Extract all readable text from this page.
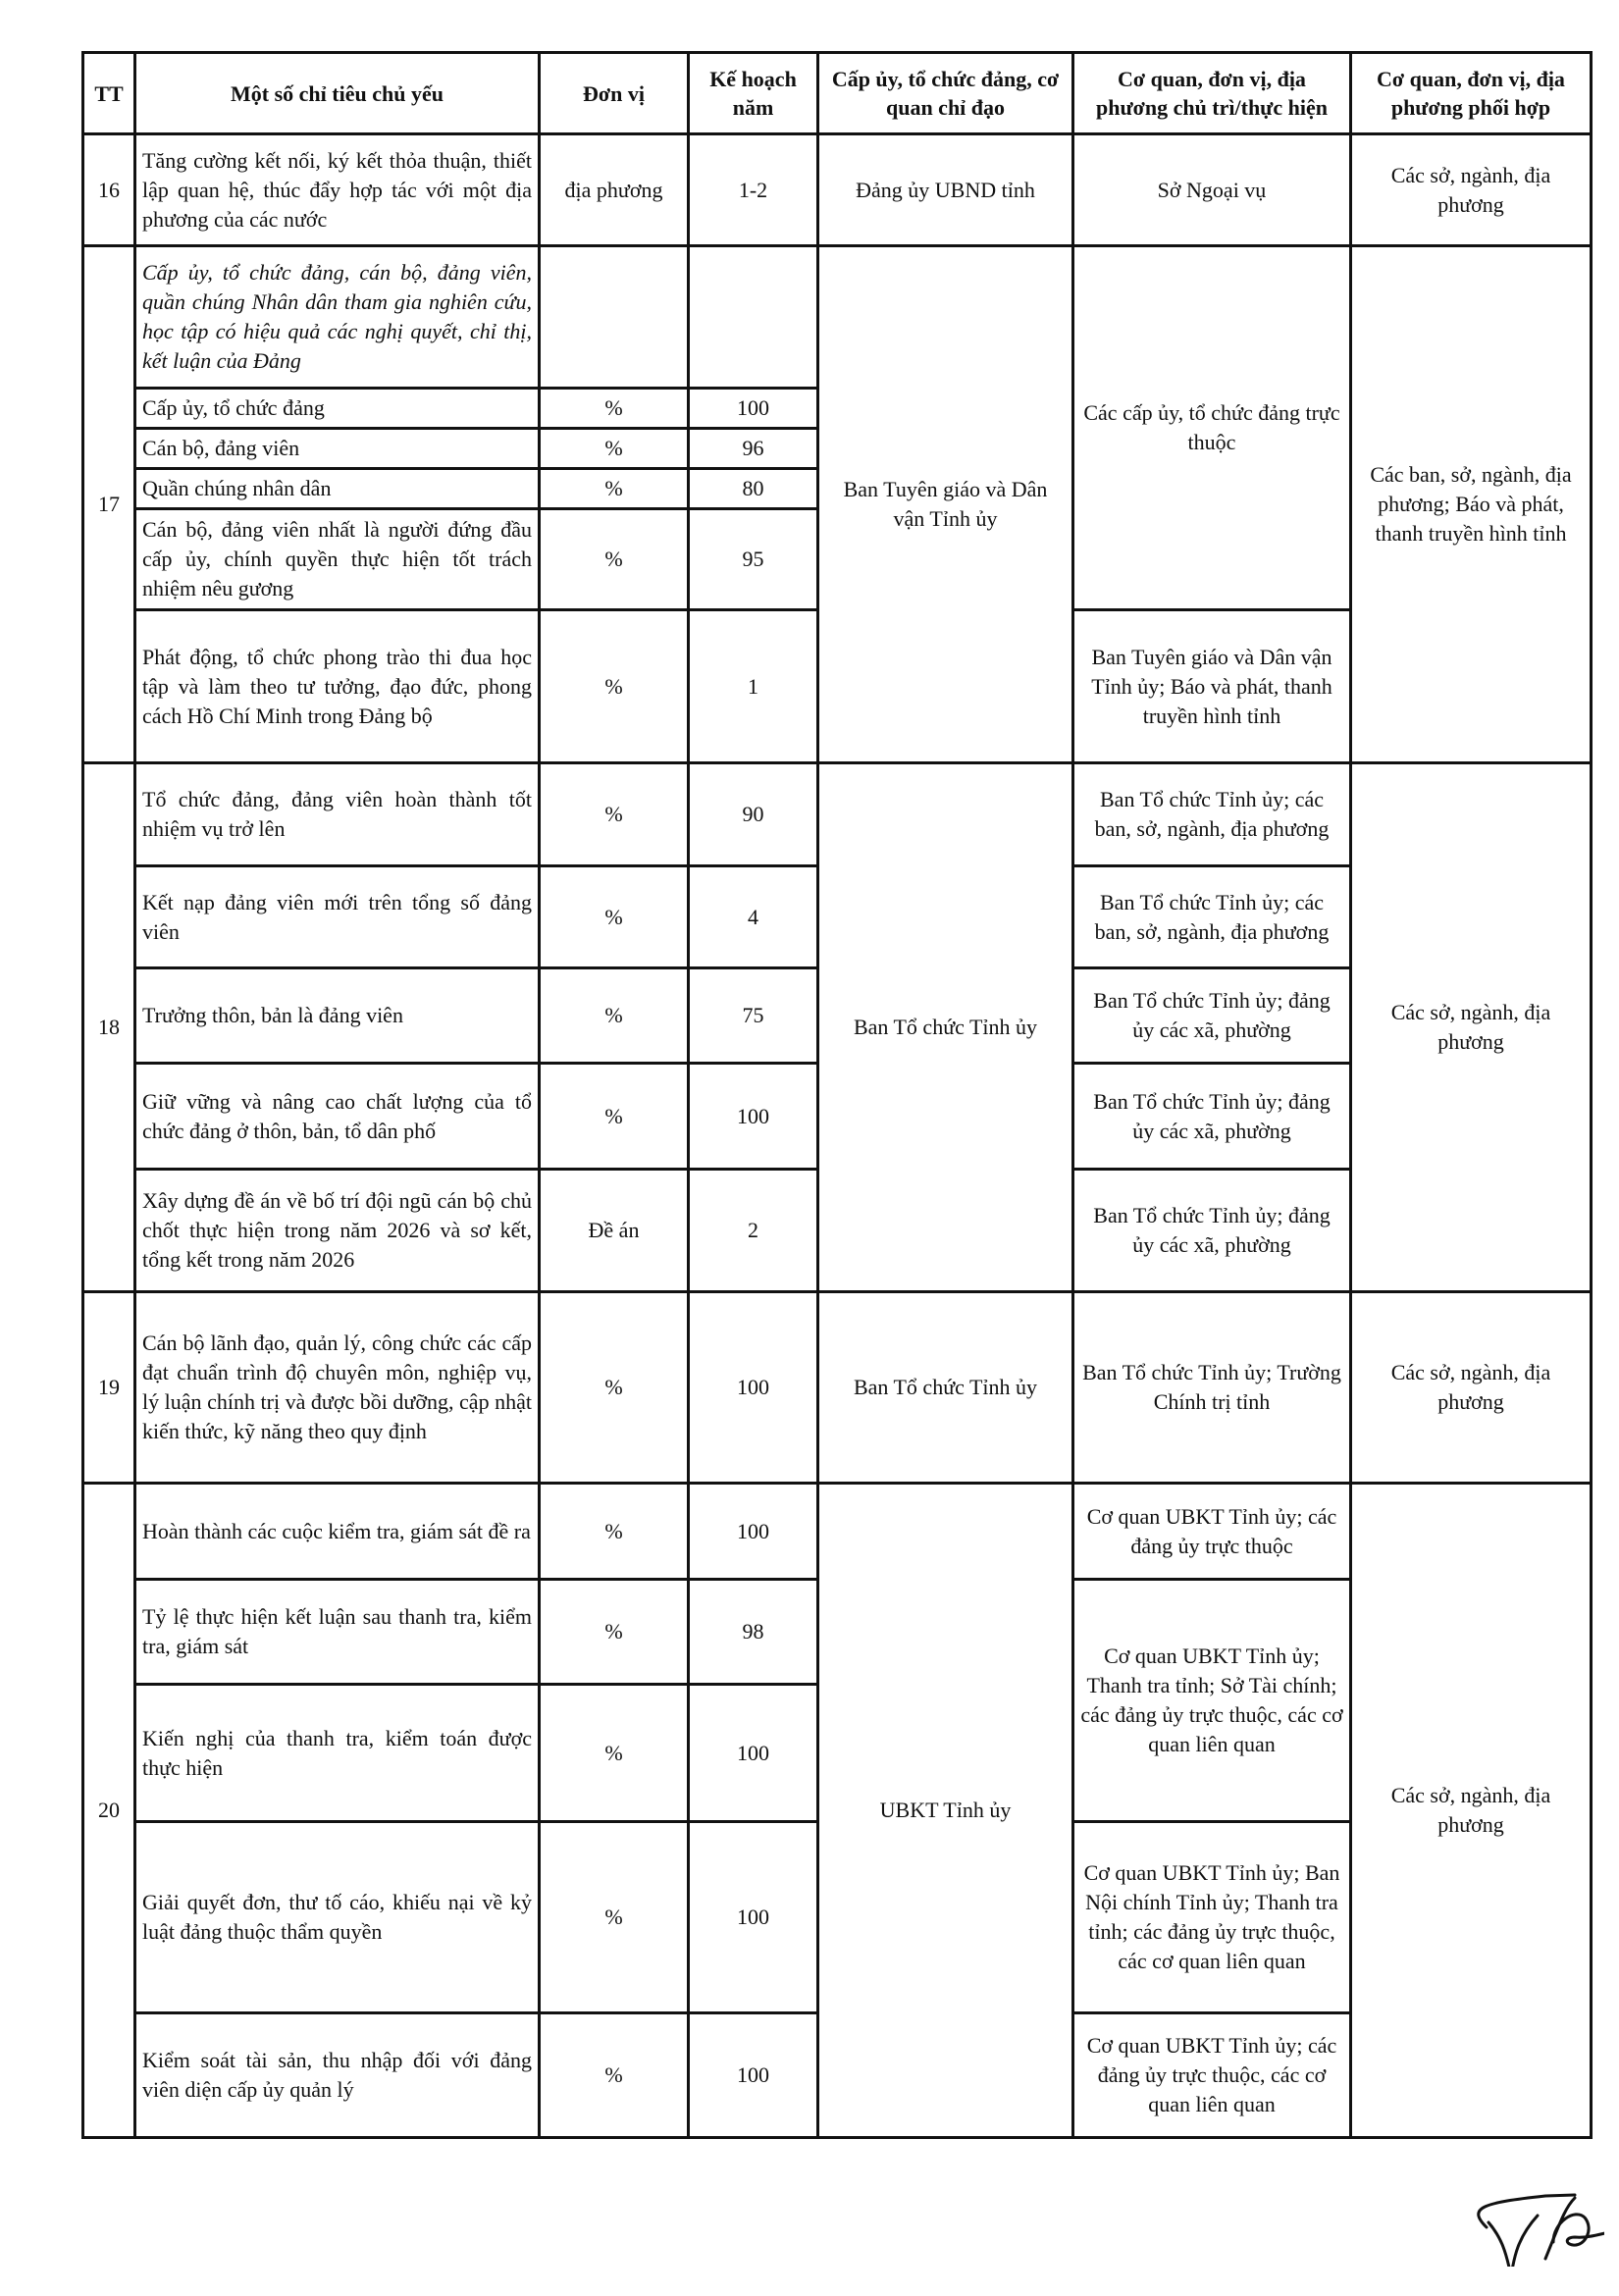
TT	Một số chỉ tiêu chủ yếu	Đơn vị	Kế hoạch năm	Cấp ủy, tổ chức đảng, cơ quan chỉ đạo	Cơ quan, đơn vị, địa phương chủ trì/thực hiện	Cơ quan, đơn vị, địa phương phối hợp
16	Tăng cường kết nối, ký kết thỏa thuận, thiết lập quan hệ, thúc đẩy hợp tác với một địa phương của các nước	địa phương	1-2	Đảng ủy UBND tỉnh	Sở Ngoại vụ	Các sở, ngành, địa phương
17	Cấp ủy, tổ chức đảng, cán bộ, đảng viên, quần chúng Nhân dân tham gia nghiên cứu, học tập có hiệu quả các nghị quyết, chỉ thị, kết luận của Đảng			Ban Tuyên giáo và Dân vận Tỉnh ủy	Các cấp ủy, tổ chức đảng trực thuộc	Các ban, sở, ngành, địa phương; Báo và phát, thanh truyền hình tỉnh
	Cấp ủy, tổ chức đảng	%	100			
	Cán bộ, đảng viên	%	96			
	Quần chúng nhân dân	%	80			
	Cán bộ, đảng viên nhất là người đứng đầu cấp ủy, chính quyền thực hiện tốt trách nhiệm nêu gương	%	95			
	Phát động, tổ chức phong trào thi đua học tập và làm theo tư tưởng, đạo đức, phong cách Hồ Chí Minh trong Đảng bộ	%	1		Ban Tuyên giáo và Dân vận Tỉnh ủy; Báo và phát, thanh truyền hình tỉnh	
18	Tổ chức đảng, đảng viên hoàn thành tốt nhiệm vụ trở lên	%	90	Ban Tổ chức Tỉnh ủy	Ban Tổ chức Tỉnh ủy; các ban, sở, ngành, địa phương	Các sở, ngành, địa phương
	Kết nạp đảng viên mới trên tổng số đảng viên	%	4		Ban Tổ chức Tỉnh ủy; các ban, sở, ngành, địa phương	
	Trưởng thôn, bản là đảng viên	%	75		Ban Tổ chức Tỉnh ủy; đảng ủy các xã, phường	
	Giữ vững và nâng cao chất lượng của tổ chức đảng ở thôn, bản, tổ dân phố	%	100		Ban Tổ chức Tỉnh ủy; đảng ủy các xã, phường	
	Xây dựng đề án về bố trí đội ngũ cán bộ chủ chốt thực hiện trong năm 2026 và sơ kết, tổng kết trong năm 2026	Đề án	2		Ban Tổ chức Tỉnh ủy; đảng ủy các xã, phường	
19	Cán bộ lãnh đạo, quản lý, công chức các cấp đạt chuẩn trình độ chuyên môn, nghiệp vụ, lý luận chính trị và được bồi dưỡng, cập nhật kiến thức, kỹ năng theo quy định	%	100	Ban Tổ chức Tỉnh ủy	Ban Tổ chức Tỉnh ủy; Trường Chính trị tỉnh	Các sở, ngành, địa phương
20	Hoàn thành các cuộc kiểm tra, giám sát đề ra	%	100	UBKT Tỉnh ủy	Cơ quan UBKT Tỉnh ủy; các đảng ủy trực thuộc	Các sở, ngành, địa phương
	Tỷ lệ thực hiện kết luận sau thanh tra, kiểm tra, giám sát	%	98		Cơ quan UBKT Tỉnh ủy; Thanh tra tỉnh; Sở Tài chính; các đảng ủy trực thuộc, các cơ quan liên quan	
	Kiến nghị của thanh tra, kiểm toán được thực hiện	%	100			
	Giải quyết đơn, thư tố cáo, khiếu nại về kỷ luật đảng thuộc thẩm quyền	%	100		Cơ quan UBKT Tỉnh ủy; Ban Nội chính Tỉnh ủy; Thanh tra tỉnh; các đảng ủy trực thuộc, các cơ quan liên quan	
	Kiểm soát tài sản, thu nhập đối với đảng viên diện cấp ủy quản lý	%	100		Cơ quan UBKT Tỉnh ủy; các đảng ủy trực thuộc, các cơ quan liên quan	
